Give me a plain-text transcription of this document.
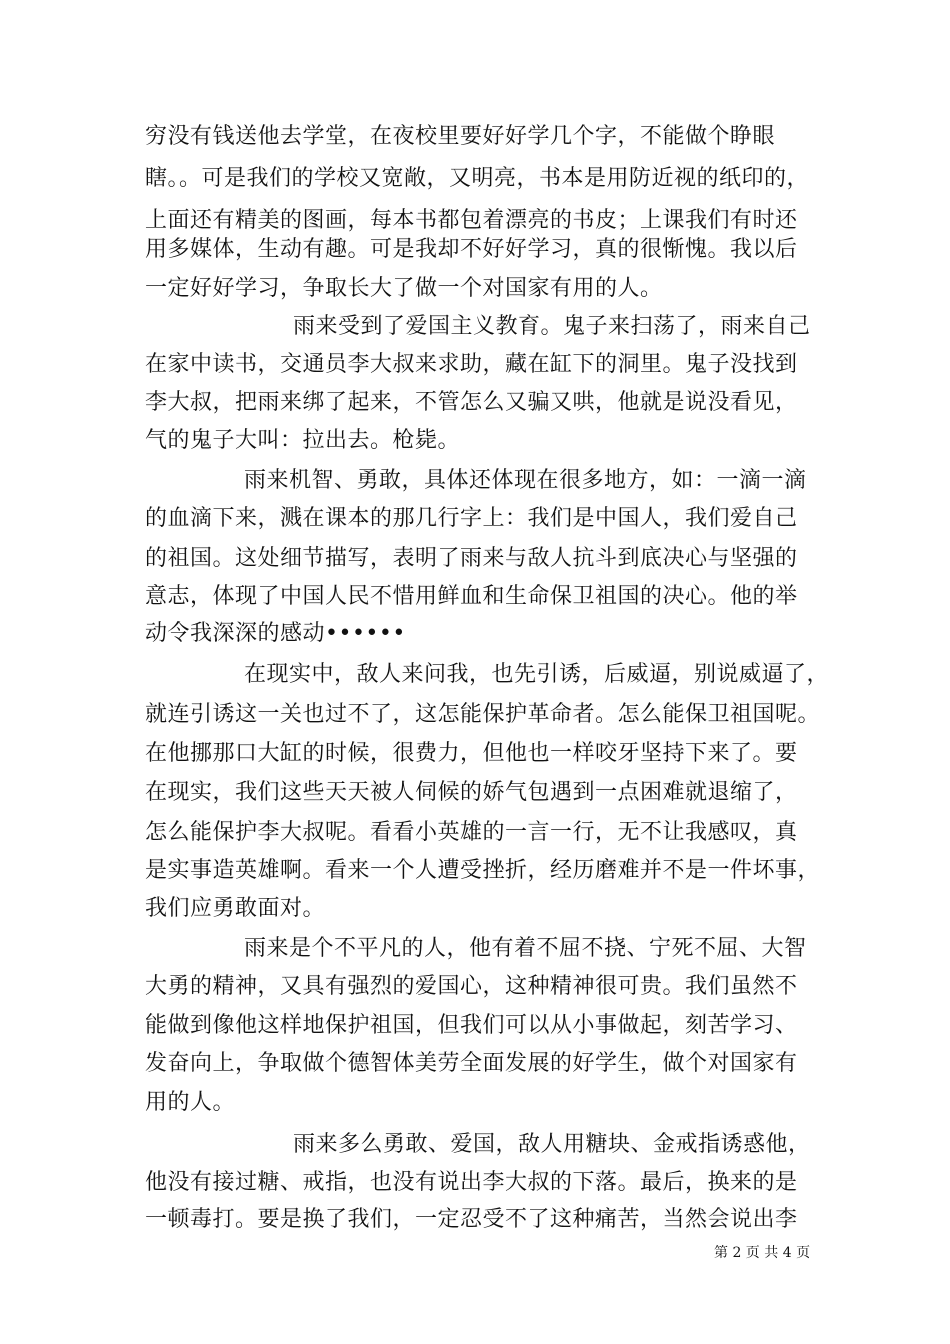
穷没有钱送他去学堂，在夜校里要好好学几个字，不能做个睁眼
瞎。。可是我们的学校又宽敞，又明亮，书本是用防近视的纸印的，
上面还有精美的图画，每本书都包着漂亮的书皮；上课我们有时还
用多媒体，生动有趣。可是我却不好好学习，真的很惭愧。我以后
一定好好学习，争取长大了做一个对国家有用的人。
雨来受到了爱国主义教育。鬼子来扫荡了，雨来自己
在家中读书，交通员李大叔来求助，藏在缸下的洞里。鬼子没找到
李大叔，把雨来绑了起来，不管怎么又骗又哄，他就是说没看见，
气的鬼子大叫：拉出去。枪毙。
雨来机智、勇敢，具体还体现在很多地方，如：一滴一滴
的血滴下来，溅在课本的那几行字上：我们是中国人，我们爱自己
的祖国。这处细节描写，表明了雨来与敌人抗斗到底决心与坚强的
意志，体现了中国人民不惜用鲜血和生命保卫祖国的决心。他的举
动令我深深的感动••••••
在现实中，敌人来问我，也先引诱，后威逼，别说威逼了，
就连引诱这一关也过不了，这怎能保护革命者。怎么能保卫祖国呢。
在他挪那口大缸的时候，很费力，但他也一样咬牙坚持下来了。要
在现实，我们这些天天被人伺候的娇气包遇到一点困难就退缩了，
怎么能保护李大叔呢。看看小英雄的一言一行，无不让我感叹，真
是实事造英雄啊。看来一个人遭受挫折，经历磨难并不是一件坏事，
我们应勇敢面对。
雨来是个不平凡的人，他有着不屈不挠、宁死不屈、大智
大勇的精神，又具有强烈的爱国心，这种精神很可贵。我们虽然不
能做到像他这样地保护祖国，但我们可以从小事做起，刻苦学习、
发奋向上，争取做个德智体美劳全面发展的好学生，做个对国家有
用的人。
雨来多么勇敢、爱国，敌人用糖块、金戒指诱惑他，
他没有接过糖、戒指，也没有说出李大叔的下落。最后，换来的是
一顿毒打。要是换了我们，一定忍受不了这种痛苦，当然会说出李
第 2 页 共 4 页
